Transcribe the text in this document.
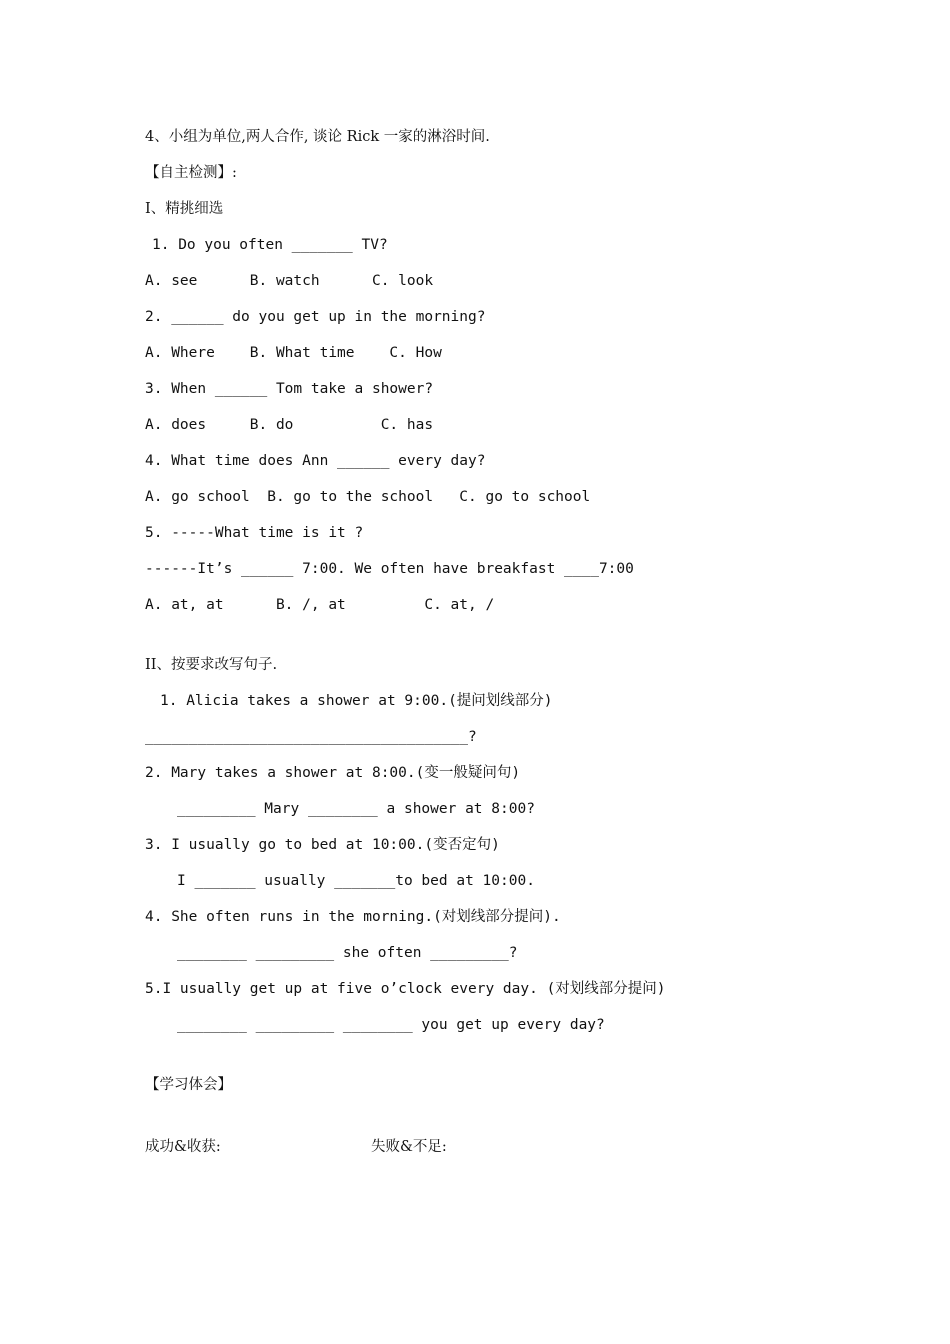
4、小组为单位,两人合作, 谈论 Rick 一家的淋浴时间.
【自主检测】:
I、精挑细选
1. Do you often _______ TV?
A. see      B. watch      C. look
2. ______ do you get up in the morning?
A. Where    B. What time    C. How
3. When ______ Tom take a shower?
A. does     B. do          C. has
4. What time does Ann ______ every day?
A. go school  B. go to the school   C. go to school
5. -----What time is it ?
------It’s ______ 7:00. We often have breakfast ____7:00
A. at, at      B. /, at         C. at, /
II、按要求改写句子.
1. Alicia takes a shower at 9:00.(提问划线部分)
_____________________________________?
2. Mary takes a shower at 8:00.(变一般疑问句)
_________ Mary ________ a shower at 8:00?
3. I usually go to bed at 10:00.(变否定句)
I _______ usually _______to bed at 10:00.
4. She often runs in the morning.(对划线部分提问).
________ _________ she often _________?
5.I usually get up at five o’clock every day. (对划线部分提问)
________ _________ ________ you get up every day?
【学习体会】
成功&收获:	失败&不足:
